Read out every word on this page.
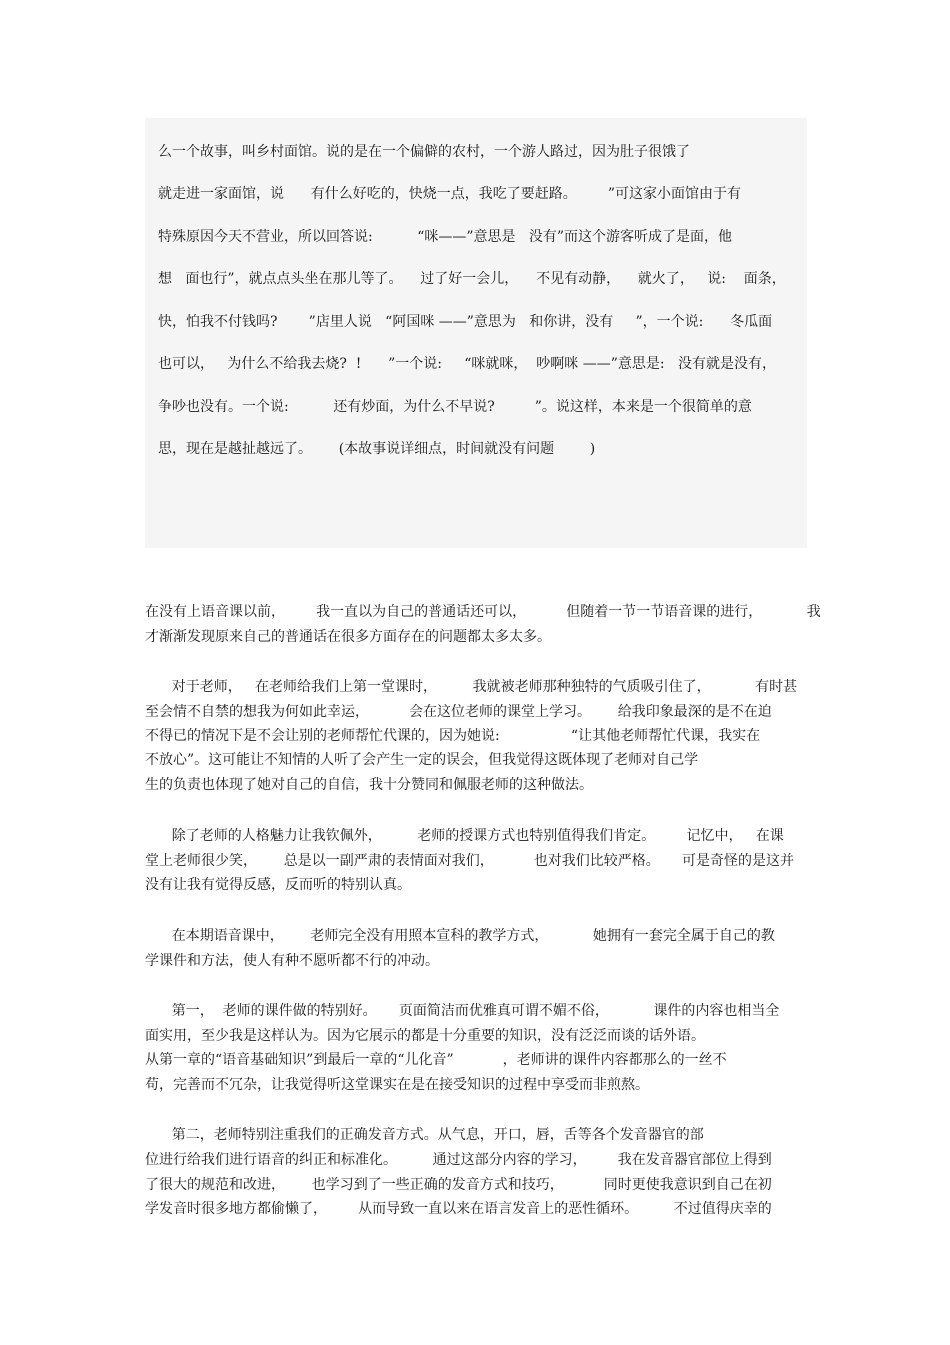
么一个故事，叫乡村面馆。说的是在一个偏僻的农村，一个游人路过，因为肚子很饿了
就走进一家面馆，说      有什么好吃的，快烧一点，我吃了要赶路。       ”可这家小面馆由于有
特殊原因今天不营业，所以回答说:          “咪——”意思是   没有”而这个游客听成了是面，他
想   面也行”，就点点头坐在那儿等了。    过了好一会儿，    不见有动静，    就火了，   说:    面条，
快，怕我不付钱吗?       ”店里人说   “阿国咪 ——”意思为   和你讲，没有     ”，一个说:      冬瓜面
也可以，   为什么不给我去烧?  !      ”一个说:     “咪就咪，  吵啊咪 ——”意思是:   没有就是没有，
争吵也没有。一个说:          还有炒面，为什么不早说?         ”。说这样，本来是一个很简单的意
思，现在是越扯越远了。      (本故事说详细点，时间就没有问题        )
在没有上语音课以前，       我一直以为自己的普通话还可以，         但随着一节一节语音课的进行，          我
才渐渐发现原来自己的普通话在很多方面存在的问题都太多太多。
对于老师，   在老师给我们上第一堂课时，        我就被老师那种独特的气质吸引住了，          有时甚
至会情不自禁的想我为何如此幸运，         会在这位老师的课堂上学习。      给我印象最深的是不在迫
不得已的情况下是不会让别的老师帮忙代课的，因为她说:                “让其他老师帮忙代课，我实在
不放心”。这可能让不知情的人听了会产生一定的误会，但我觉得这既体现了老师对自己学
生的负责也体现了她对自己的自信，我十分赞同和佩服老师的这种做法。
除了老师的人格魅力让我钦佩外，        老师的授课方式也特别值得我们肯定。       记忆中，   在课
堂上老师很少笑，      总是以一副严肃的表情面对我们，         也对我们比较严格。     可是奇怪的是这并
没有让我有觉得反感，反而听的特别认真。
在本期语音课中，      老师完全没有用照本宣科的教学方式，          她拥有一套完全属于自己的教
学课件和方法，使人有种不愿听都不行的冲动。
第一，  老师的课件做的特别好。     页面简洁而优雅真可谓不媚不俗，          课件的内容也相当全
面实用，至少我是这样认为。因为它展示的都是十分重要的知识，没有泛泛而谈的话外语。
从第一章的“语音基础知识”到最后一章的“儿化音”           ，老师讲的课件内容都那么的一丝不
苟，完善而不冗杂，让我觉得听这堂课实在是在接受知识的过程中享受而非煎熬。
第二，老师特别注重我们的正确发音方式。从气息，开口，唇，舌等各个发音器官的部
位进行给我们进行语音的纠正和标准化。        通过这部分内容的学习，       我在发音器官部位上得到
了很大的规范和改进，      也学习到了一些正确的发音方式和技巧，         同时更使我意识到自己在初
学发音时很多地方都偷懒了，       从而导致一直以来在语言发音上的恶性循环。        不过值得庆幸的
